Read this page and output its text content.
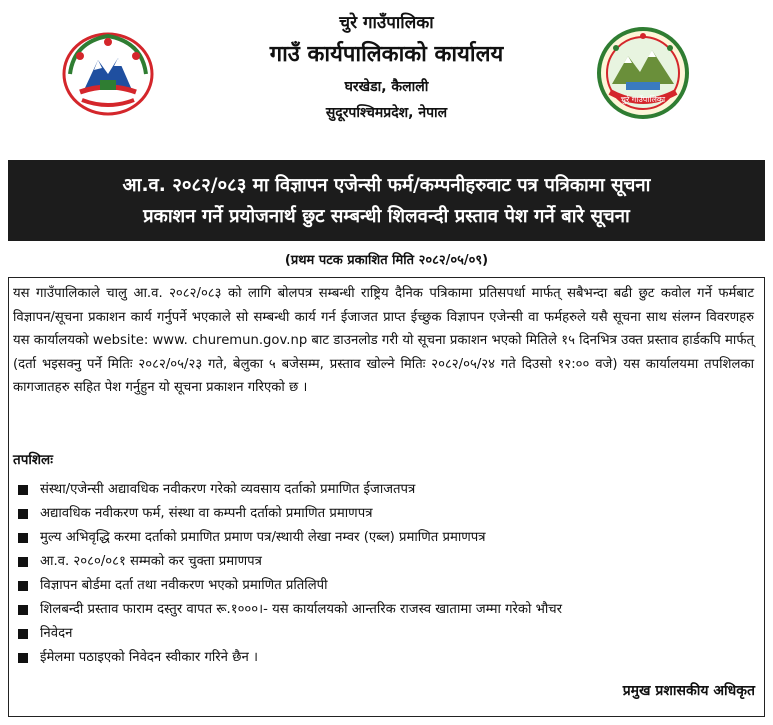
चुरे गाउँपालिका
गाउँ कार्यपालिकाको कार्यालय
घरखेडा, कैलाली
सुदूरपश्चिमप्रदेश, नेपाल
चुरे गाउँपालिका
आ.व. २०८२/०८३ मा विज्ञापन एजेन्सी फर्म/कम्पनीहरुवाट पत्र पत्रिकामा सूचना
प्रकाशन गर्ने प्रयोजनार्थ छुट सम्बन्धी शिलवन्दी प्रस्ताव पेश गर्ने बारे सूचना
(प्रथम पटक प्रकाशित मिति २०८२/०५/०९)

यस गाउँपालिकाले चालु आ.व. २०८२/०८३ को लागि बोलपत्र सम्बन्धी राष्ट्रिय दैनिक पत्रिकामा प्रतिसपर्धा मार्फत् सबैभन्दा बढी छुट कवोल गर्ने फर्मबाट विज्ञापन/सूचना प्रकाशन कार्य गर्नुपर्ने भएकाले सो सम्बन्धी कार्य गर्न ईजाजत प्राप्त ईच्छुक विज्ञापन एजेन्सी वा फर्महरुले यसै सूचना साथ संलग्न विवरणहरु यस कार्यालयको website: www. churemun.gov.np बाट डाउनलोड गरी यो सूचना प्रकाशन भएको मितिले १५ दिनभित्र उक्त प्रस्ताव हार्डकपि मार्फत् (दर्ता भइसक्नु पर्ने मितिः २०८२/०५/२३ गते, बेलुका ५ बजेसम्म, प्रस्ताव खोल्ने मितिः २०८२/०५/२४ गते दिउसो १२:०० वजे) यस कार्यालयमा तपशिलका कागजातहरु सहित पेश गर्नुहुन यो सूचना प्रकाशन गरिएको छ ।

तपशिलः
संस्था/एजेन्सी अद्यावधिक नवीकरण गरेको व्यवसाय दर्ताको प्रमाणित ईजाजतपत्र
अद्यावधिक नवीकरण फर्म, संस्था वा कम्पनी दर्ताको प्रमाणित प्रमाणपत्र
मुल्य अभिवृद्धि करमा दर्ताको प्रमाणित प्रमाण पत्र/स्थायी लेखा नम्वर (एब्ल) प्रमाणित प्रमाणपत्र
आ.व. २०८०/०८१ सम्मको कर चुक्ता प्रमाणपत्र
विज्ञापन बोर्डमा दर्ता तथा नवीकरण भएको प्रमाणित प्रतिलिपी
शिलबन्दी प्रस्ताव फाराम दस्तुर वापत रू.१०००।- यस कार्यालयको आन्तरिक राजस्व खातामा जम्मा गरेको भौचर
निवेदन
ईमेलमा पठाइएको निवेदन स्वीकार गरिने छैन ।
प्रमुख प्रशासकीय अधिकृत
